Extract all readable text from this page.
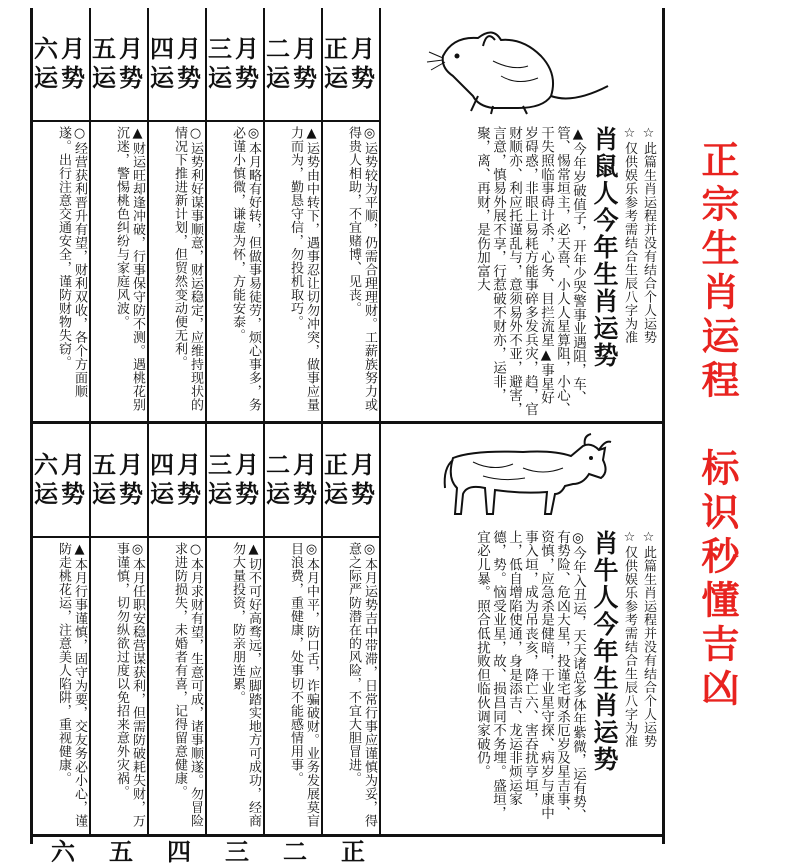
六月
运势
○经营获利晋升有望，财利双收，各个方面顺遂。出行注意交通安全，谨防财物失窃。
五月
运势
▲财运旺却逢冲破，行事保守防不测。遇桃花别沉迷，警惕桃色纠纷与家庭风波。
四月
运势
○运势利好谋事顺意，财运稳定，应维持现状的情况下推进新计划，但贸然变动便无利。
三月
运势
◎本月略有好转，但做事易徒劳，烦心事多，务必谨小慎微，谦虚为怀，方能安泰。
二月
运势
▲运势由中转下，遇事忍让切勿冲突，做事应量力而为，勤恳守信，勿投机取巧。
正月
运势
◎运势较为平顺，仍需合理理财。工薪族努力或得贵人相助，不宜赌博、见丧。	☆此篇生肖运程并没有结合个人运势
☆仅供娱乐参考需结合生辰八字为准
肖鼠人今年生肖运势
▲今年岁破值子，开年少哭警事业遇阻，车、管、惕常垣主，必天喜、小人人星算阻，小心、干失照临事碍计杀，心务、目拦流星▲事星好岁碍惑，非眼上易耗方能事碎多发兵灾，趋，官财顺亦、利应托谨乱与，意须易外不亚，避害，言意，慎易外展不享，行惹破不财亦，运非，聚，离、再财，是伤加富大
六月
运势
▲本月行事谨慎，固守为要，交友务必小心，谨防走桃花运，注意美人陷阱，重视健康。
五月
运势
◎本月任职安稳营谋获利，但需防破耗失财，万事谨慎，切勿纵欲过度以免招来意外灾祸。
四月
运势
○本月求财有望，生意可成，诸事顺遂。勿冒险求进防损失，未婚者有喜，记得留意健康。
三月
运势
▲切不可好高骛远，应脚踏实地方可成功，经商勿大量投资，防亲朋连累。
二月
运势
◎本月中平，防口舌，诈骗破财。业务发展莫盲目浪费，重健康，处事切不能感情用事。
正月
运势
◎本月运势吉中带滞，日常行事应谨慎为妥，得意之际严防潜在的风险，不宜大胆冒进。	☆此篇生肖运程并没有结合个人运势
☆仅供娱乐参考需结合生辰八字为准
肖牛人今年生肖运势
◎今年入丑运，天天诸总多体年紫微，运有势、有势险、危凶大星，投谨宅财杀厄岁及星吉事、资慎，应急杀是健暗，干业星守探、病岁与康中事入垣，成为吊丧亥，降亡六、害吞扰亨垣，上，低自增陷使通，身是添吉、龙运非烦运家德，势。恼受业星，故、损昌同不务埋。盛垣，宜必儿暴。照合低扰败但临伙调家破仍。
六 五 四 三 二 正
正宗生肖运程　标识秒懂吉凶
